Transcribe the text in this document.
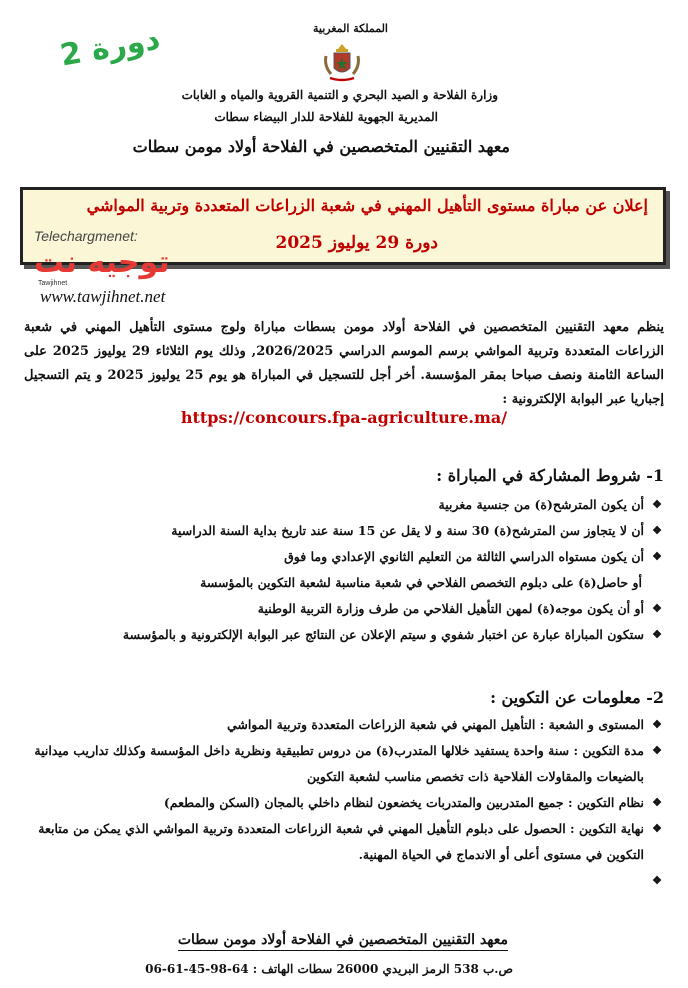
المملكة المغربية
دورة 2
وزارة الفلاحة و الصيد البحري و التنمية القروية والمياه و الغابات
المديرية الجهوية للفلاحة للدار البيضاء سطات
معهد التقنيين المتخصصين في الفلاحة أولاد مومن سطات
إعلان عن مباراة مستوى التأهيل المهني في شعبة الزراعات المتعددة وتربية المواشي
دورة 29 يوليوز 2025
Telechargmenet:
توجيه نت
Tawjihnet
www.tawjihnet.net
ينظم معهد التقنيين المتخصصين في الفلاحة أولاد مومن بسطات مباراة ولوج مستوى التأهيل المهني في شعبة الزراعات المتعددة وتربية المواشي برسم الموسم الدراسي 2026/2025, وذلك يوم الثلاثاء 29 يوليوز 2025 على الساعة الثامنة ونصف صباحا بمقر المؤسسة. أخر أجل للتسجيل في المباراة هو يوم 25 يوليوز 2025 و يتم التسجيل إجباريا عبر البوابة الإلكترونية :
https://concours.fpa-agriculture.ma/
1- شروط المشاركة في المباراة :
❖
أن يكون المترشح(ة) من جنسية مغربية
❖
أن لا يتجاوز سن المترشح(ة) 30 سنة و لا يقل عن 15 سنة عند تاريخ بداية السنة الدراسية
❖
أن يكون مستواه الدراسي الثالثة من التعليم الثانوي الإعدادي وما فوق
أو حاصل(ة) على دبلوم التخصص الفلاحي في شعبة مناسبة لشعبة التكوين بالمؤسسة
❖
أو أن يكون موجه(ة) لمهن التأهيل الفلاحي من طرف وزارة التربية الوطنية
❖
ستكون المباراة عبارة عن اختبار شفوي و سيتم الإعلان عن النتائج عبر البوابة الإلكترونية و بالمؤسسة
2- معلومات عن التكوين :
❖
المستوى و الشعبة : التأهيل المهني في شعبة الزراعات المتعددة وتربية المواشي
❖
مدة التكوين : سنة واحدة يستفيد خلالها المتدرب(ة) من دروس تطبيقية ونظرية داخل المؤسسة وكذلك تداريب ميدانية بالضيعات والمقاولات الفلاحية ذات تخصص مناسب لشعبة التكوين
❖
نظام التكوين : جميع المتدربين والمتدربات يخضعون لنظام داخلي بالمجان (السكن والمطعم)
❖
نهاية التكوين : الحصول على دبلوم التأهيل المهني في شعبة الزراعات المتعددة وتربية المواشي الذي يمكن من متابعة التكوين في مستوى أعلى أو الاندماج في الحياة المهنية.
❖
معهد التقنيين المتخصصين في الفلاحة أولاد مومن سطات
ص.ب 538 الرمز البريدي 26000 سطات الهاتف : 64-98-45-61-06
